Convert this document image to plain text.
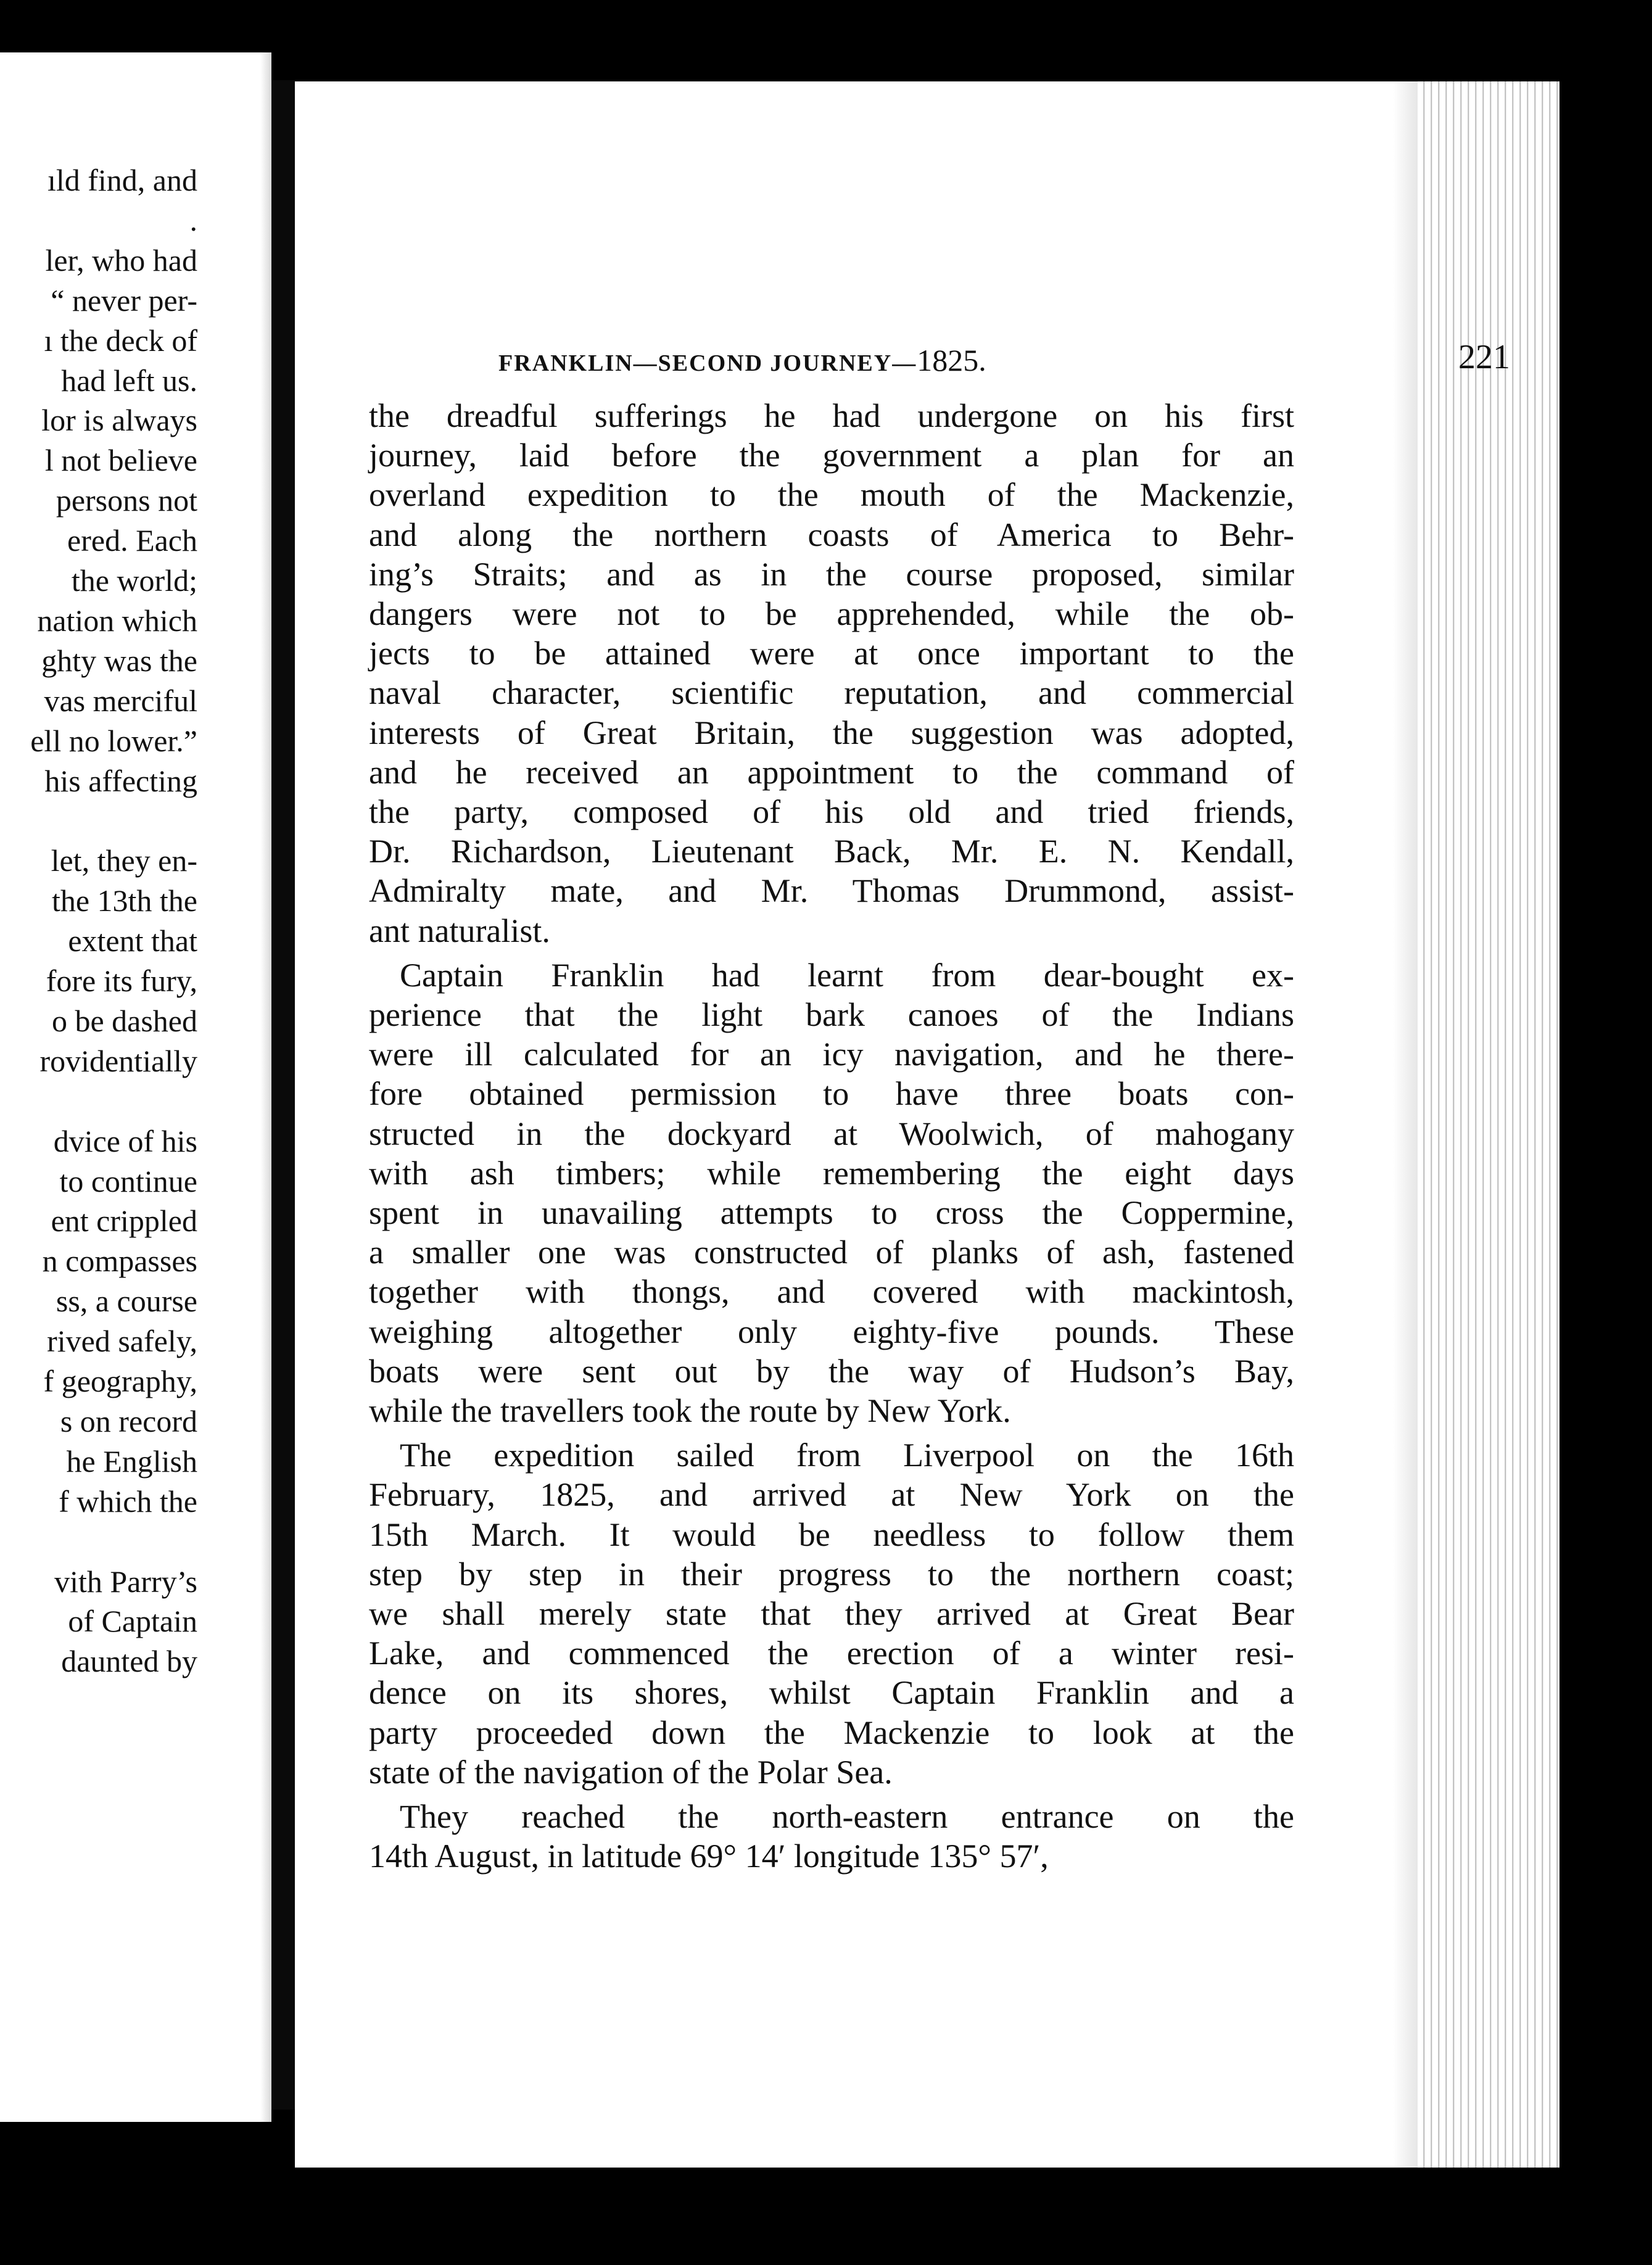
ıld find, and
.
ler, who had
“ never per-
ı the deck of
had left us.
lor is always
l not believe
persons not
ered. Each
the world;
nation which
ghty was the
vas merciful
ell no lower.”
his affecting
let, they en-
the 13th the
extent that
fore its fury,
o be dashed
rovidentially
dvice of his
to continue
ent crippled
n compasses
ss, a course
rived safely,
f geography,
s on record
he English
f which the
vith Parry’s
of Captain
daunted by
FRANKLIN—SECOND JOURNEY—1825.	221
the dreadful sufferings he had undergone on his first
journey, laid before the government a plan for an
overland expedition to the mouth of the Mackenzie,
and along the northern coasts of America to Behr-
ing’s Straits; and as in the course proposed, similar
dangers were not to be apprehended, while the ob-
jects to be attained were at once important to the
naval character, scientific reputation, and commercial
interests of Great Britain, the suggestion was adopted,
and he received an appointment to the command of
the party, composed of his old and tried friends,
Dr. Richardson, Lieutenant Back, Mr. E. N. Kendall,
Admiralty mate, and Mr. Thomas Drummond, assist-
ant naturalist.
Captain Franklin had learnt from dear-bought ex-
perience that the light bark canoes of the Indians
were ill calculated for an icy navigation, and he there-
fore obtained permission to have three boats con-
structed in the dockyard at Woolwich, of mahogany
with ash timbers; while remembering the eight days
spent in unavailing attempts to cross the Coppermine,
a smaller one was constructed of planks of ash, fastened
together with thongs, and covered with mackintosh,
weighing altogether only eighty-five pounds. These
boats were sent out by the way of Hudson’s Bay,
while the travellers took the route by New York.
The expedition sailed from Liverpool on the 16th
February, 1825, and arrived at New York on the
15th March. It would be needless to follow them
step by step in their progress to the northern coast;
we shall merely state that they arrived at Great Bear
Lake, and commenced the erection of a winter resi-
dence on its shores, whilst Captain Franklin and a
party proceeded down the Mackenzie to look at the
state of the navigation of the Polar Sea.
They reached the north-eastern entrance on the
14th August, in latitude 69° 14′ longitude 135° 57′,
